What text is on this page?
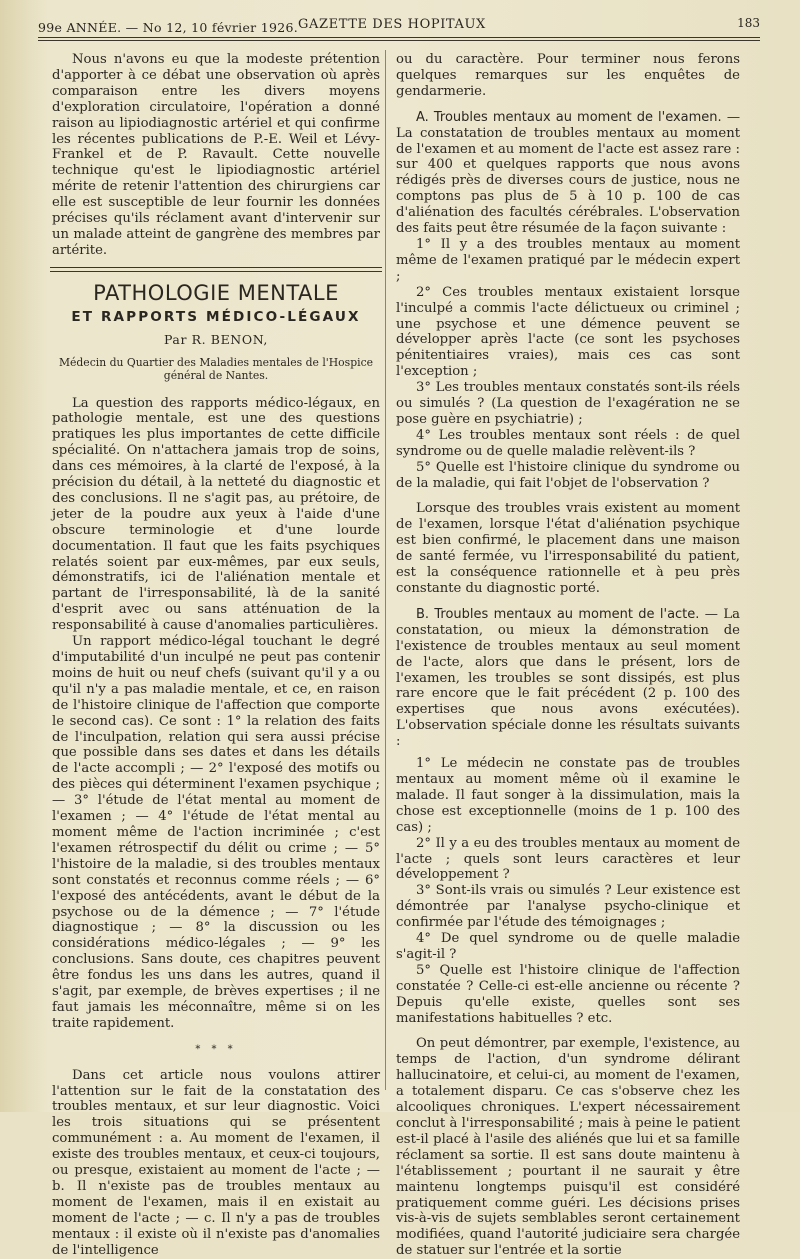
99e ANNÉE. — No 12, 10 février 1926. GAZETTE DES HOPITAUX	183

Nous n'avons eu que la modeste prétention d'apporter à ce débat une observation où après comparaison entre les divers moyens d'exploration circulatoire, l'opération a donné raison au lipiodiagnostic artériel et qui confirme les récentes publications de P.-E. Weil et Lévy-Frankel et de P. Ravault. Cette nouvelle technique qu'est le lipiodiagnostic artériel mérite de retenir l'attention des chirurgiens car elle est susceptible de leur fournir les données précises qu'ils réclament avant d'intervenir sur un malade atteint de gangrène des membres par artérite.

PATHOLOGIE MENTALE
ET RAPPORTS MÉDICO-LÉGAUX
Par R. BENON,
Médecin du Quartier des Maladies mentales de l'Hospice général de Nantes.

La question des rapports médico-légaux, en pathologie mentale, est une des questions pratiques les plus importantes de cette difficile spécialité. On n'attachera jamais trop de soins, dans ces mémoires, à la clarté de l'exposé, à la précision du détail, à la netteté du diagnostic et des conclusions. Il ne s'agit pas, au prétoire, de jeter de la poudre aux yeux à l'aide d'une obscure terminologie et d'une lourde documentation. Il faut que les faits psychiques relatés soient par eux-mêmes, par eux seuls, démonstratifs, ici de l'aliénation mentale et partant de l'irresponsabilité, là de la sanité d'esprit avec ou sans atténuation de la responsabilité à cause d'anomalies particulières.

Un rapport médico-légal touchant le degré d'imputabilité d'un inculpé ne peut pas contenir moins de huit ou neuf chefs (suivant qu'il y a ou qu'il n'y a pas maladie mentale, et ce, en raison de l'histoire clinique de l'affection que comporte le second cas). Ce sont : 1° la relation des faits de l'inculpation, relation qui sera aussi précise que possible dans ses dates et dans les détails de l'acte accompli ; — 2° l'exposé des motifs ou des pièces qui déterminent l'examen psychique ; — 3° l'étude de l'état mental au moment de l'examen ; — 4° l'étude de l'état mental au moment même de l'action incriminée ; c'est l'examen rétrospectif du délit ou crime ; — 5° l'histoire de la maladie, si des troubles mentaux sont constatés et reconnus comme réels ; — 6° l'exposé des antécédents, avant le début de la psychose ou de la démence ; — 7° l'étude diagnostique ; — 8° la discussion ou les considérations médico-légales ; — 9° les conclusions. Sans doute, ces chapitres peuvent être fondus les uns dans les autres, quand il s'agit, par exemple, de brèves expertises ; il ne faut jamais les méconnaître, même si on les traite rapidement.

* * *

Dans cet article nous voulons attirer l'attention sur le fait de la constatation des troubles mentaux, et sur leur diagnostic. Voici les trois situations qui se présentent communément : a. Au moment de l'examen, il existe des troubles mentaux, et ceux-ci toujours, ou presque, existaient au moment de l'acte ; — b. Il n'existe pas de troubles mentaux au moment de l'examen, mais il en existait au moment de l'acte ; — c. Il n'y a pas de troubles mentaux : il existe où il n'existe pas d'anomalies de l'intelligence

ou du caractère. Pour terminer nous ferons quelques remarques sur les enquêtes de gendarmerie.

A. Troubles mentaux au moment de l'examen. — La constatation de troubles mentaux au moment de l'examen et au moment de l'acte est assez rare : sur 400 et quelques rapports que nous avons rédigés près de diverses cours de justice, nous ne comptons pas plus de 5 à 10 p. 100 de cas d'aliénation des facultés cérébrales. L'observation des faits peut être résumée de la façon suivante :

1° Il y a des troubles mentaux au moment même de l'examen pratiqué par le médecin expert ;

2° Ces troubles mentaux existaient lorsque l'inculpé a commis l'acte délictueux ou criminel ; une psychose et une démence peuvent se développer après l'acte (ce sont les psychoses pénitentiaires vraies), mais ces cas sont l'exception ;

3° Les troubles mentaux constatés sont-ils réels ou simulés ? (La question de l'exagération ne se pose guère en psychiatrie) ;

4° Les troubles mentaux sont réels : de quel syndrome ou de quelle maladie relèvent-ils ?

5° Quelle est l'histoire clinique du syndrome ou de la maladie, qui fait l'objet de l'observation ?

Lorsque des troubles vrais existent au moment de l'examen, lorsque l'état d'aliénation psychique est bien confirmé, le placement dans une maison de santé fermée, vu l'irresponsabilité du patient, est la conséquence rationnelle et à peu près constante du diagnostic porté.

B. Troubles mentaux au moment de l'acte. — La constatation, ou mieux la démonstration de l'existence de troubles mentaux au seul moment de l'acte, alors que dans le présent, lors de l'examen, les troubles se sont dissipés, est plus rare encore que le fait précédent (2 p. 100 des expertises que nous avons exécutées). L'observation spéciale donne les résultats suivants :

1° Le médecin ne constate pas de troubles mentaux au moment même où il examine le malade. Il faut songer à la dissimulation, mais la chose est exceptionnelle (moins de 1 p. 100 des cas) ;

2° Il y a eu des troubles mentaux au moment de l'acte ; quels sont leurs caractères et leur développement ?

3° Sont-ils vrais ou simulés ? Leur existence est démontrée par l'analyse psycho-clinique et confirmée par l'étude des témoignages ;

4° De quel syndrome ou de quelle maladie s'agit-il ?

5° Quelle est l'histoire clinique de l'affection constatée ? Celle-ci est-elle ancienne ou récente ? Depuis qu'elle existe, quelles sont ses manifestations habituelles ? etc.

On peut démontrer, par exemple, l'existence, au temps de l'action, d'un syndrome délirant hallucinatoire, et celui-ci, au moment de l'examen, a totalement disparu. Ce cas s'observe chez les alcooliques chroniques. L'expert nécessairement conclut à l'irresponsabilité ; mais à peine le patient est-il placé à l'asile des aliénés que lui et sa famille réclament sa sortie. Il est sans doute maintenu à l'établissement ; pourtant il ne saurait y être maintenu longtemps puisqu'il est considéré pratiquement comme guéri. Les décisions prises vis-à-vis de sujets semblables seront certainement modifiées, quand l'autorité judiciaire sera chargée de statuer sur l'entrée et la sortie
